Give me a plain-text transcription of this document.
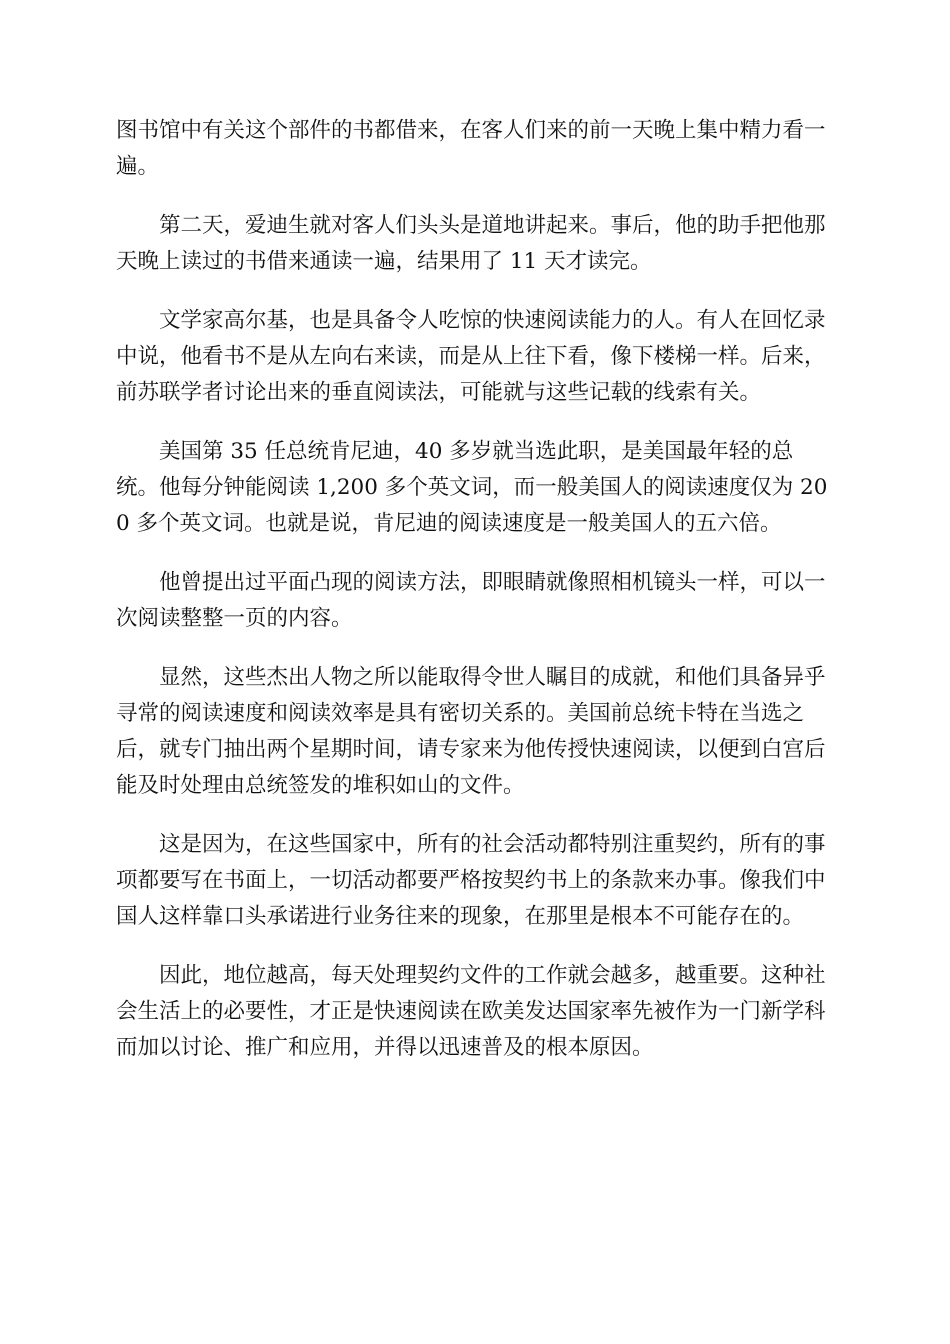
图书馆中有关这个部件的书都借来，在客人们来的前一天晚上集中精力看一遍。

第二天，爱迪生就对客人们头头是道地讲起来。事后，他的助手把他那天晚上读过的书借来通读一遍，结果用了 11 天才读完。

文学家高尔基，也是具备令人吃惊的快速阅读能力的人。有人在回忆录中说，他看书不是从左向右来读，而是从上往下看，像下楼梯一样。后来，前苏联学者讨论出来的垂直阅读法，可能就与这些记载的线索有关。

美国第 35 任总统肯尼迪，40 多岁就当选此职，是美国最年轻的总统。他每分钟能阅读 1,200 多个英文词，而一般美国人的阅读速度仅为 200 多个英文词。也就是说，肯尼迪的阅读速度是一般美国人的五六倍。

他曾提出过平面凸现的阅读方法，即眼睛就像照相机镜头一样，可以一次阅读整整一页的内容。

显然，这些杰出人物之所以能取得令世人瞩目的成就，和他们具备异乎寻常的阅读速度和阅读效率是具有密切关系的。美国前总统卡特在当选之后，就专门抽出两个星期时间，请专家来为他传授快速阅读，以便到白宫后能及时处理由总统签发的堆积如山的文件。

这是因为，在这些国家中，所有的社会活动都特别注重契约，所有的事项都要写在书面上，一切活动都要严格按契约书上的条款来办事。像我们中国人这样靠口头承诺进行业务往来的现象，在那里是根本不可能存在的。

因此，地位越高，每天处理契约文件的工作就会越多，越重要。这种社会生活上的必要性，才正是快速阅读在欧美发达国家率先被作为一门新学科而加以讨论、推广和应用，并得以迅速普及的根本原因。
